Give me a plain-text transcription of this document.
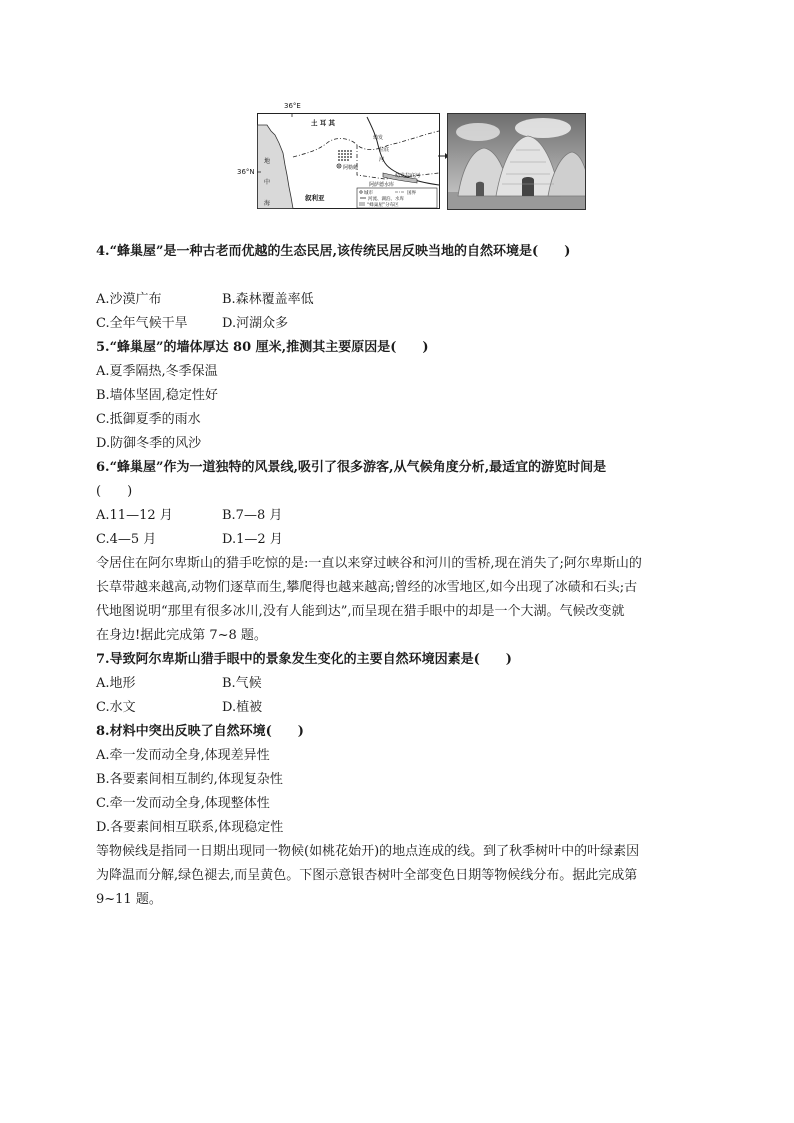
土 耳 其
地
中
海
叙利亚
阿勒颇
幼发
拉底
河
幼发拉底河
阿萨德水库
城市	国界
河流、湖泊、水库
“蜂巢屋”分布区
36°E
36°N
4.“蜂巢屋”是一种古老而优越的生态民居,该传统民居反映当地的自然环境是(　　)
A.沙漠广布	B.森林覆盖率低
C.全年气候干旱	D.河湖众多
5.“蜂巢屋”的墙体厚达 80 厘米,推测其主要原因是(　　)
A.夏季隔热,冬季保温
B.墙体坚固,稳定性好
C.抵御夏季的雨水
D.防御冬季的风沙
6.“蜂巢屋”作为一道独特的风景线,吸引了很多游客,从气候角度分析,最适宜的游览时间是
(　　)
A.11—12 月	B.7—8 月
C.4—5 月	D.1—2 月
令居住在阿尔卑斯山的猎手吃惊的是:一直以来穿过峡谷和河川的雪桥,现在消失了;阿尔卑斯山的
长草带越来越高,动物们逐草而生,攀爬得也越来越高;曾经的冰雪地区,如今出现了冰碛和石头;古
代地图说明“那里有很多冰川,没有人能到达”,而呈现在猎手眼中的却是一个大湖。气候改变就
在身边!据此完成第 7~8 题。
7.导致阿尔卑斯山猎手眼中的景象发生变化的主要自然环境因素是(　　)
A.地形	B.气候
C.水文	D.植被
8.材料中突出反映了自然环境(　　)
A.牵一发而动全身,体现差异性
B.各要素间相互制约,体现复杂性
C.牵一发而动全身,体现整体性
D.各要素间相互联系,体现稳定性
等物候线是指同一日期出现同一物候(如桃花始开)的地点连成的线。到了秋季树叶中的叶绿素因
为降温而分解,绿色褪去,而呈黄色。下图示意银杏树叶全部变色日期等物候线分布。据此完成第
9~11 题。
